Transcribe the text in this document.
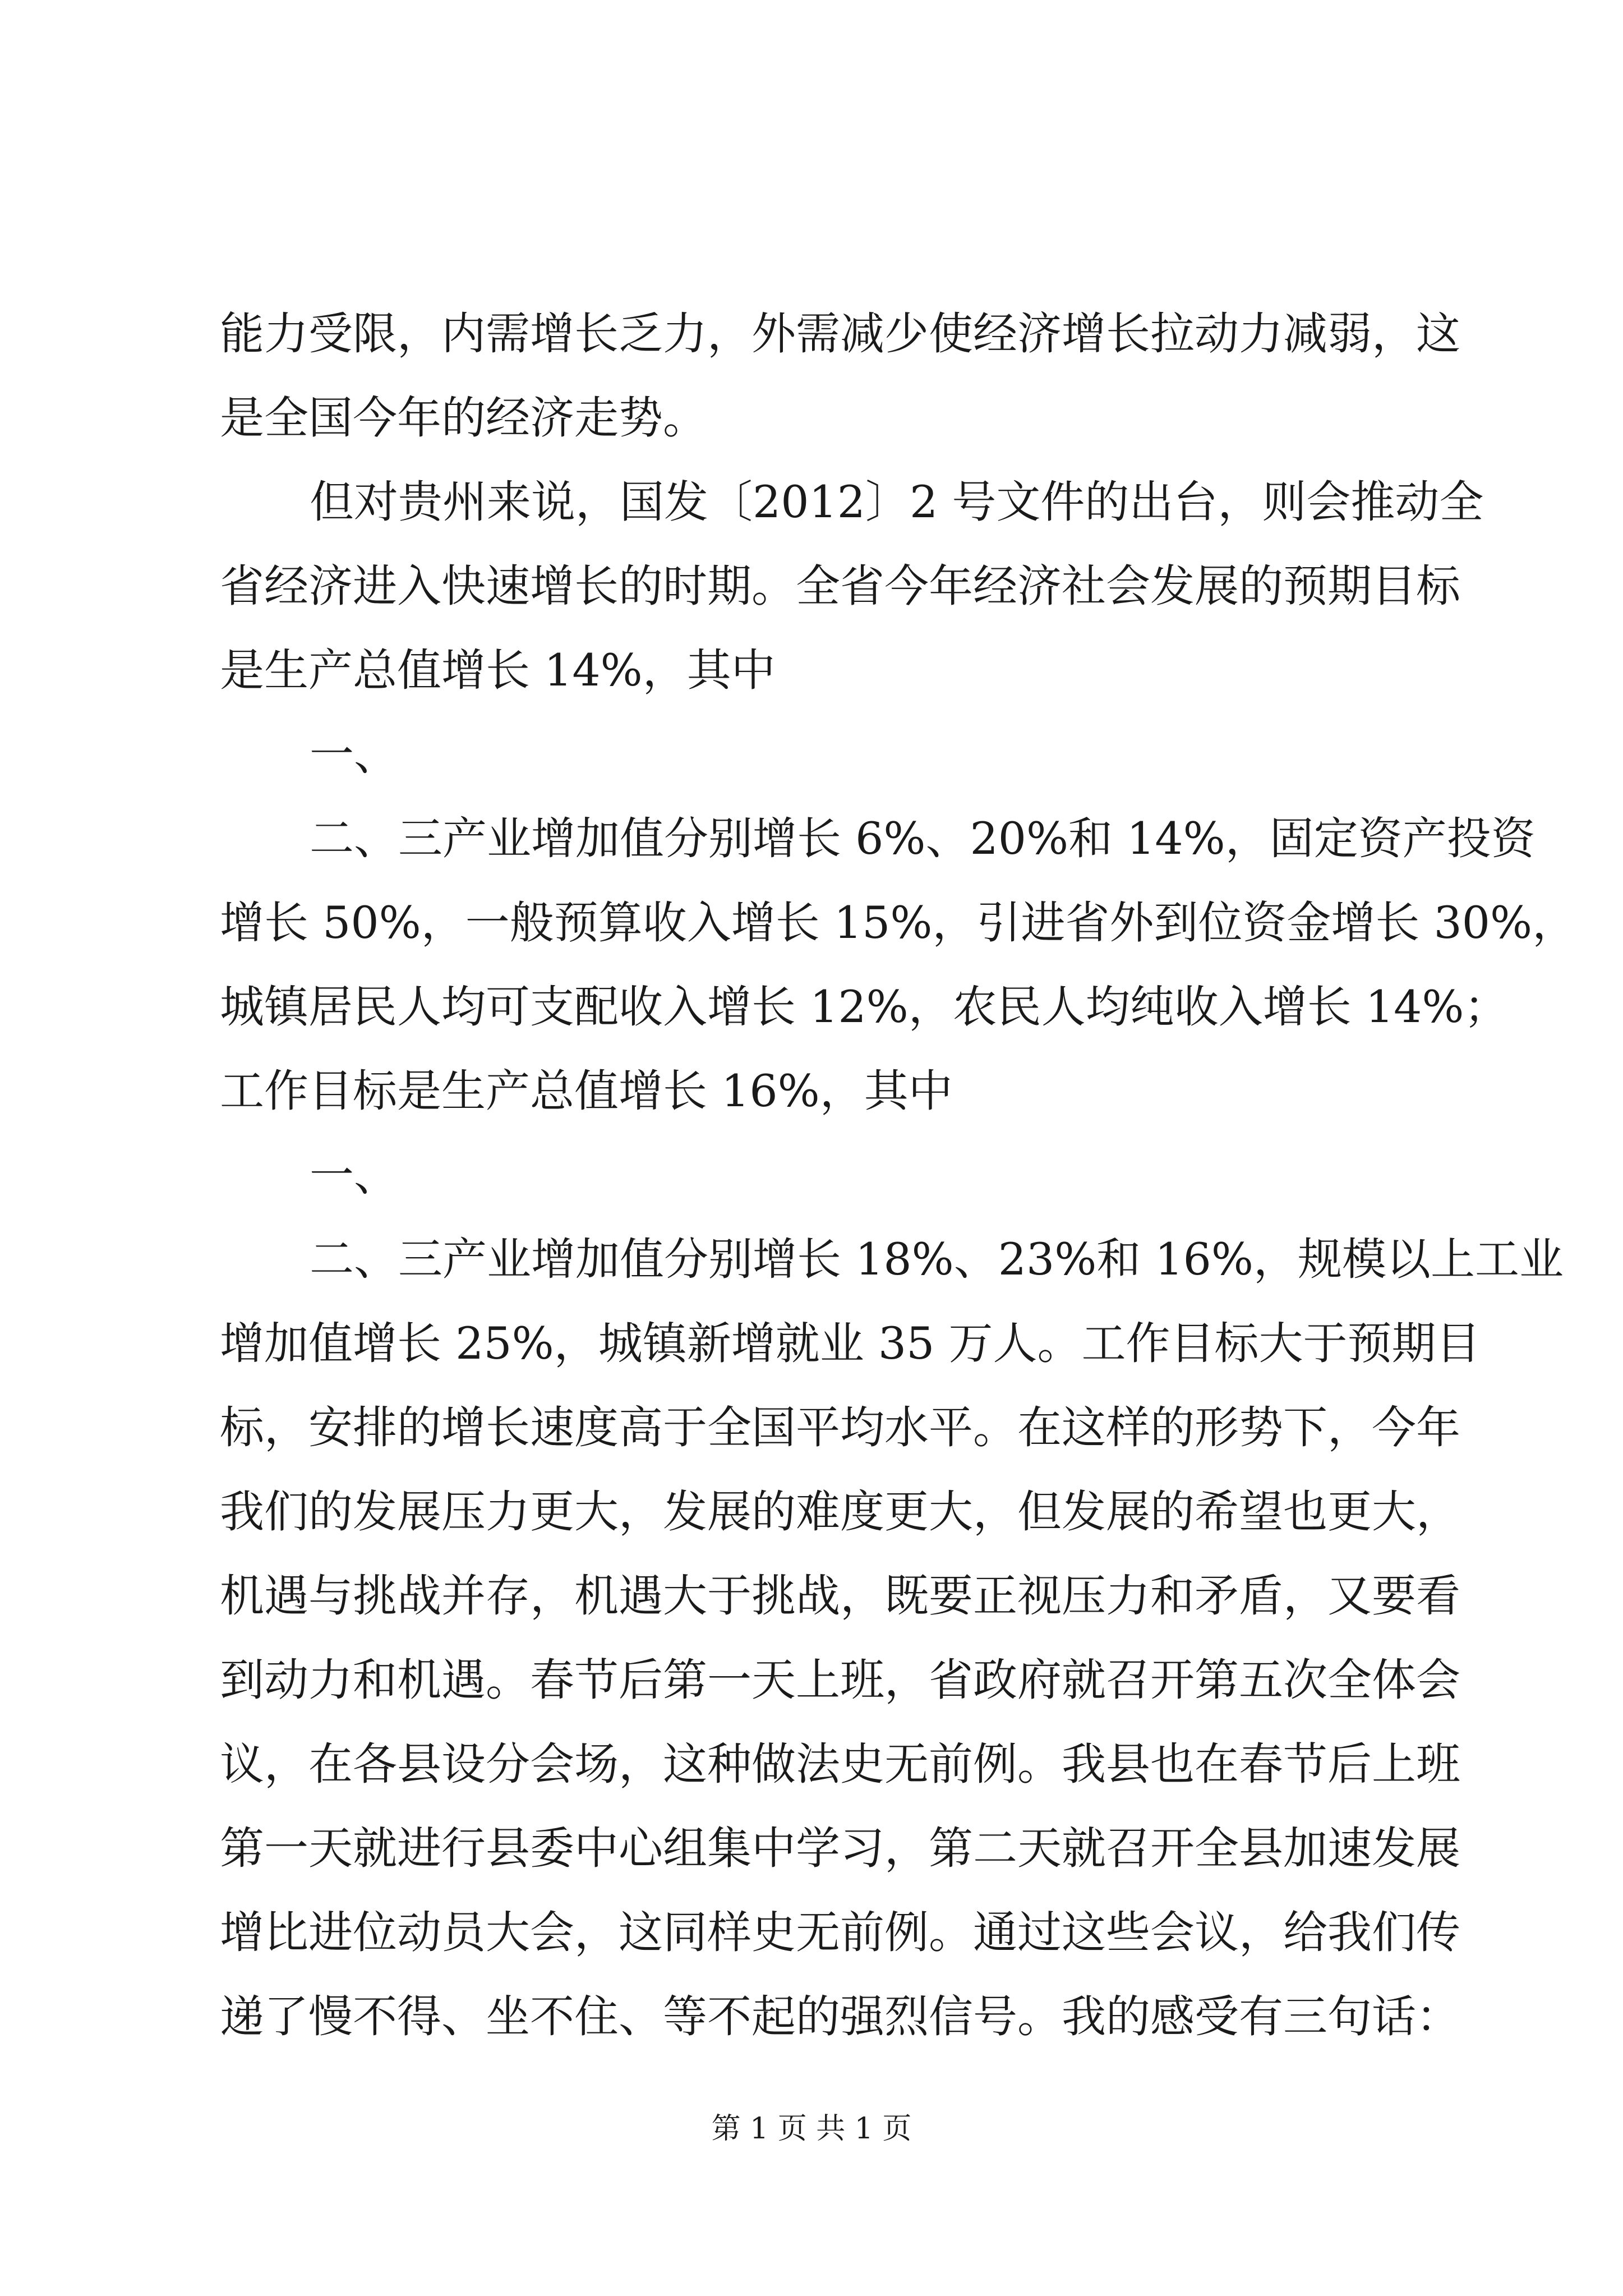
能力受限，内需增长乏力，外需减少使经济增长拉动力减弱，这
是全国今年的经济走势。
但对贵州来说，国发〔2012〕2 号文件的出台，则会推动全
省经济进入快速增长的时期。全省今年经济社会发展的预期目标
是生产总值增长 14%，其中
一、
二、三产业增加值分别增长 6%、20%和 14%，固定资产投资
增长 50%，一般预算收入增长 15%，引进省外到位资金增长 30%，
城镇居民人均可支配收入增长 12%，农民人均纯收入增长 14%；
工作目标是生产总值增长 16%，其中
一、
二、三产业增加值分别增长 18%、23%和 16%，规模以上工业
增加值增长 25%，城镇新增就业 35 万人。工作目标大于预期目
标，安排的增长速度高于全国平均水平。在这样的形势下，今年
我们的发展压力更大，发展的难度更大，但发展的希望也更大，
机遇与挑战并存，机遇大于挑战，既要正视压力和矛盾，又要看
到动力和机遇。春节后第一天上班，省政府就召开第五次全体会
议，在各县设分会场，这种做法史无前例。我县也在春节后上班
第一天就进行县委中心组集中学习，第二天就召开全县加速发展
增比进位动员大会，这同样史无前例。通过这些会议，给我们传
递了慢不得、坐不住、等不起的强烈信号。我的感受有三句话：
第 1 页 共 1 页
